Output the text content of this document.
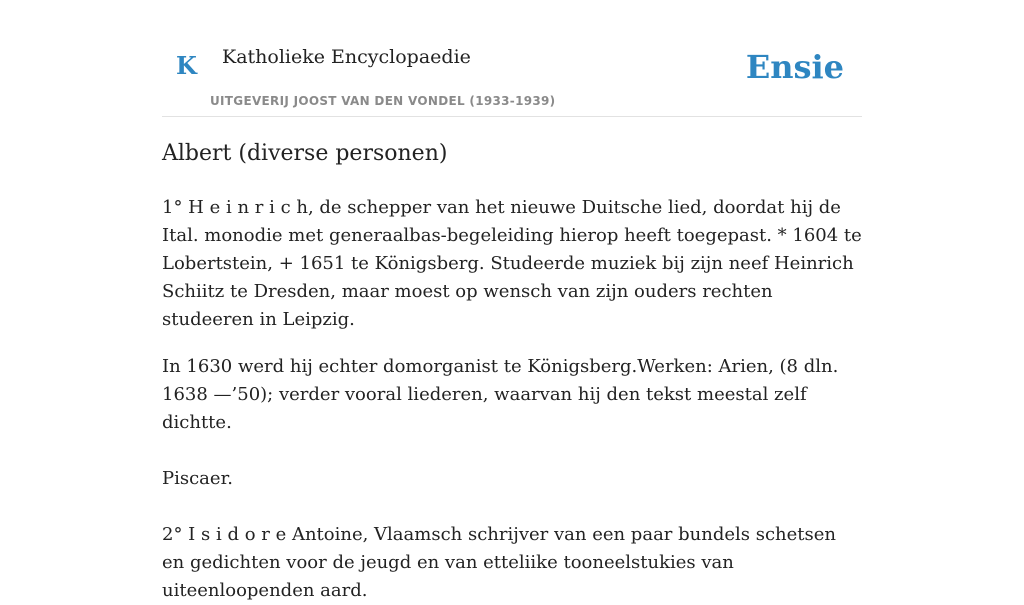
K Katholieke Encyclopaedie
UITGEVERIJ JOOST VAN DEN VONDEL (1933-1939)
Ensie
Albert (diverse personen)

1° H e i n r i c h, de schepper van het nieuwe Duitsche lied, doordat hij de Ital. monodie met generaalbas-begeleiding hierop heeft toegepast. * 1604 te Lobertstein, + 1651 te Königsberg. Studeerde muziek bij zijn neef Heinrich Schiitz te Dresden, maar moest op wensch van zijn ouders rechten studeeren in Leipzig.

In 1630 werd hij echter domorganist te Königsberg.Werken: Arien, (8 dln. 1638 —’50); verder vooral liederen, waarvan hij den tekst meestal zelf dichtte.

Piscaer.

2° I s i d o r e Antoine, Vlaamsch schrijver van een paar bundels schetsen en gedichten voor de jeugd en van etteliike tooneelstukies van uiteenloopenden aard.
